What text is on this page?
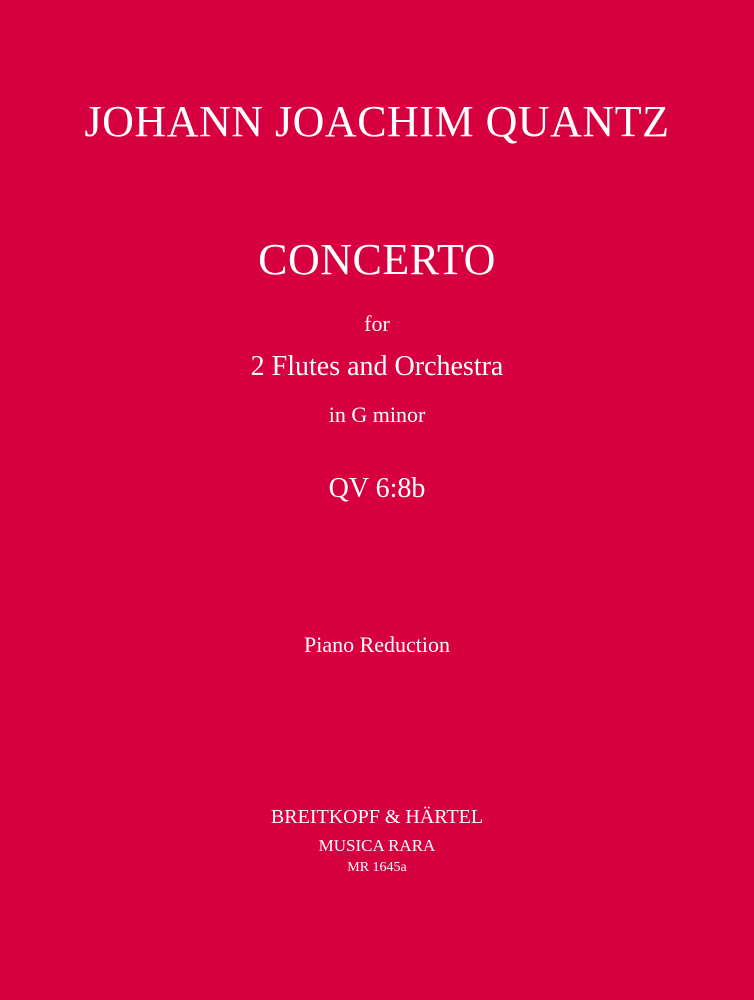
JOHANN JOACHIM QUANTZ
CONCERTO
for
2 Flutes and Orchestra
in G minor
QV 6:8b
Piano Reduction
BREITKOPF & HÄRTEL
MUSICA RARA
MR 1645a
